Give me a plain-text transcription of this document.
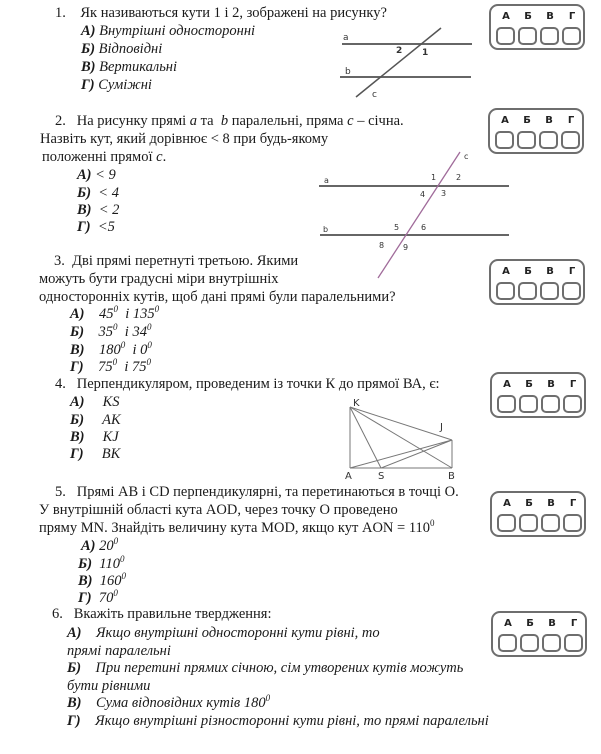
1. Як називаються кути 1 і 2, зображені на рисунку?
А) Внутрішні односторонні
Б) Відповідні
В) Вертикальні
Г) Суміжні
a
b
c
2 1
2. На рисунку прямі a та b паралельні, пряма c – січна.
Назвіть кут, який дорівнює < 8 при будь-якому
положенні прямої c.
А) < 9
Б) < 4
В) < 2
Г) <5
a
b
c
1 2
3
4
5	6
8 9
3. Дві прямі перетнуті третьою. Якими
можуть бути градусні міри внутрішніх
односторонніх кутів, щоб дані прямі були паралельними?
А) $45^0$ і $135^0$
Б) $35^0$ і $34^0$
В) $180^0$ і $0^0$
Г) $75^0$ і $75^0$
4. Перпендикуляром, проведеним із точки К до прямої ВА, є:
А) KS
Б) AK
В) KJ
Г) BK
K
J
A	S	B
5. Прямі АВ і CD перпендикулярні, та перетинаються в точці О.
У внутрішній області кута AOD, через точку О проведено
пряму MN. Знайдіть величину кута MOD, якщо кут AON = $110^0$
А) $20^0$
Б) $110^0$
В) $160^0$
Г) $70^0$
6. Вкажіть правильне твердження:
А) Якщо внутрішні односторонні кути рівні, то
прямі паралельні
Б) При перетині прямих січною, сім утворених кутів можуть
бути рівними
В) Сума відповідних кутів $180^0$
Г) Якщо внутрішні різносторонні кути рівні, то прямі паралельні
А	Б	В	Г
А	Б	В	Г
А	Б	В	Г
А	Б	В	Г
А	Б	В	Г
А	Б	В	Г
